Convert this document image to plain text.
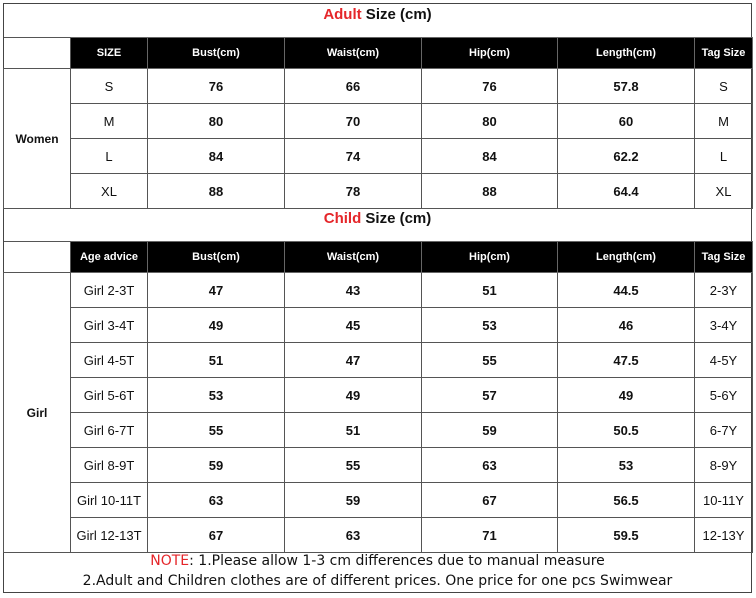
Adult Size (cm)
	SIZE	Bust(cm)	Waist(cm)	Hip(cm)	Length(cm)	Tag Size
Women	S	76	66	76	57.8	S
	M	80	70	80	60	M
	L	84	74	84	62.2	L
	XL	88	78	88	64.4	XL
Child Size (cm)
	Age advice	Bust(cm)	Waist(cm)	Hip(cm)	Length(cm)	Tag Size
Girl	Girl 2-3T	47	43	51	44.5	2-3Y
	Girl 3-4T	49	45	53	46	3-4Y
	Girl 4-5T	51	47	55	47.5	4-5Y
	Girl 5-6T	53	49	57	49	5-6Y
	Girl 6-7T	55	51	59	50.5	6-7Y
	Girl 8-9T	59	55	63	53	8-9Y
	Girl 10-11T	63	59	67	56.5	10-11Y
	Girl 12-13T	67	63	71	59.5	12-13Y
NOTE: 1.Please allow 1-3 cm differences due to manual measure
2.Adult and Children clothes are of different prices. One price for one pcs Swimwear
